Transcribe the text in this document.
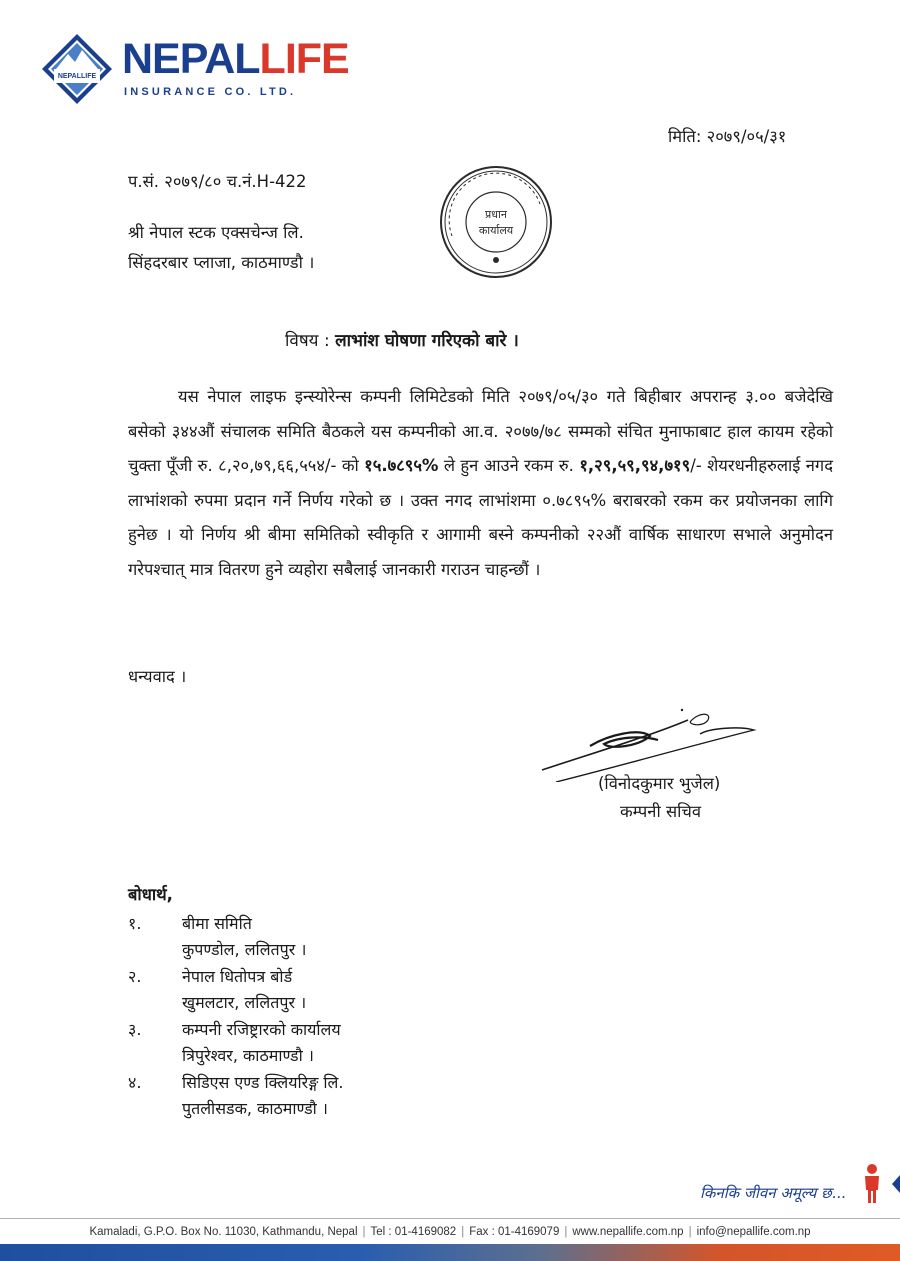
NEPALLIFE NEPALLIFE
INSURANCE CO. LTD.
मिति: २०७९/०५/३१
प.सं. २०७९/८० च.नं.H-422
श्री नेपाल स्टक एक्सचेन्ज लि.
सिंहदरबार प्लाजा, काठमाण्डौ ।
प्रधान
कार्यालय
विषय : लाभांश घोषणा गरिएको बारे ।
यस नेपाल लाइफ इन्स्योरेन्स कम्पनी लिमिटेडको मिति २०७९/०५/३० गते बिहीबार अपरान्ह ३.०० बजेदेखि बसेको ३४४औं संचालक समिति बैठकले यस कम्पनीको आ.व. २०७७/७८ सम्मको संचित मुनाफाबाट हाल कायम रहेको चुक्ता पूँजी रु. ८,२०,७९,६६,५५४/- को १५.७८९५% ले हुन आउने रकम रु. १,२९,५९,९४,७१९/- शेयरधनीहरुलाई नगद लाभांशको रुपमा प्रदान गर्ने निर्णय गरेको छ । उक्त नगद लाभांशमा ०.७८९५% बराबरको रकम कर प्रयोजनका लागि हुनेछ । यो निर्णय श्री बीमा समितिको स्वीकृति र आगामी बस्ने कम्पनीको २२औं वार्षिक साधारण सभाले अनुमोदन गरेपश्चात् मात्र वितरण हुने व्यहोरा सबैलाई जानकारी गराउन चाहन्छौं ।
धन्यवाद ।
(विनोदकुमार भुजेल)
कम्पनी सचिव
बोधार्थ,
१.	बीमा समिति
कुपण्डोल, ललितपुर ।
२.	नेपाल धितोपत्र बोर्ड
खुमलटार, ललितपुर ।
३.	कम्पनी रजिष्ट्रारको कार्यालय
त्रिपुरेश्वर, काठमाण्डौ ।
४.	सिडिएस एण्ड क्लियरिङ्ग लि.
पुतलीसडक, काठमाण्डौ ।
किनकि जीवन अमूल्य छ...
Kamaladi, G.P.O. Box No. 11030, Kathmandu, Nepal | Tel : 01-4169082 | Fax : 01-4169079 | www.nepallife.com.np | info@nepallife.com.np
